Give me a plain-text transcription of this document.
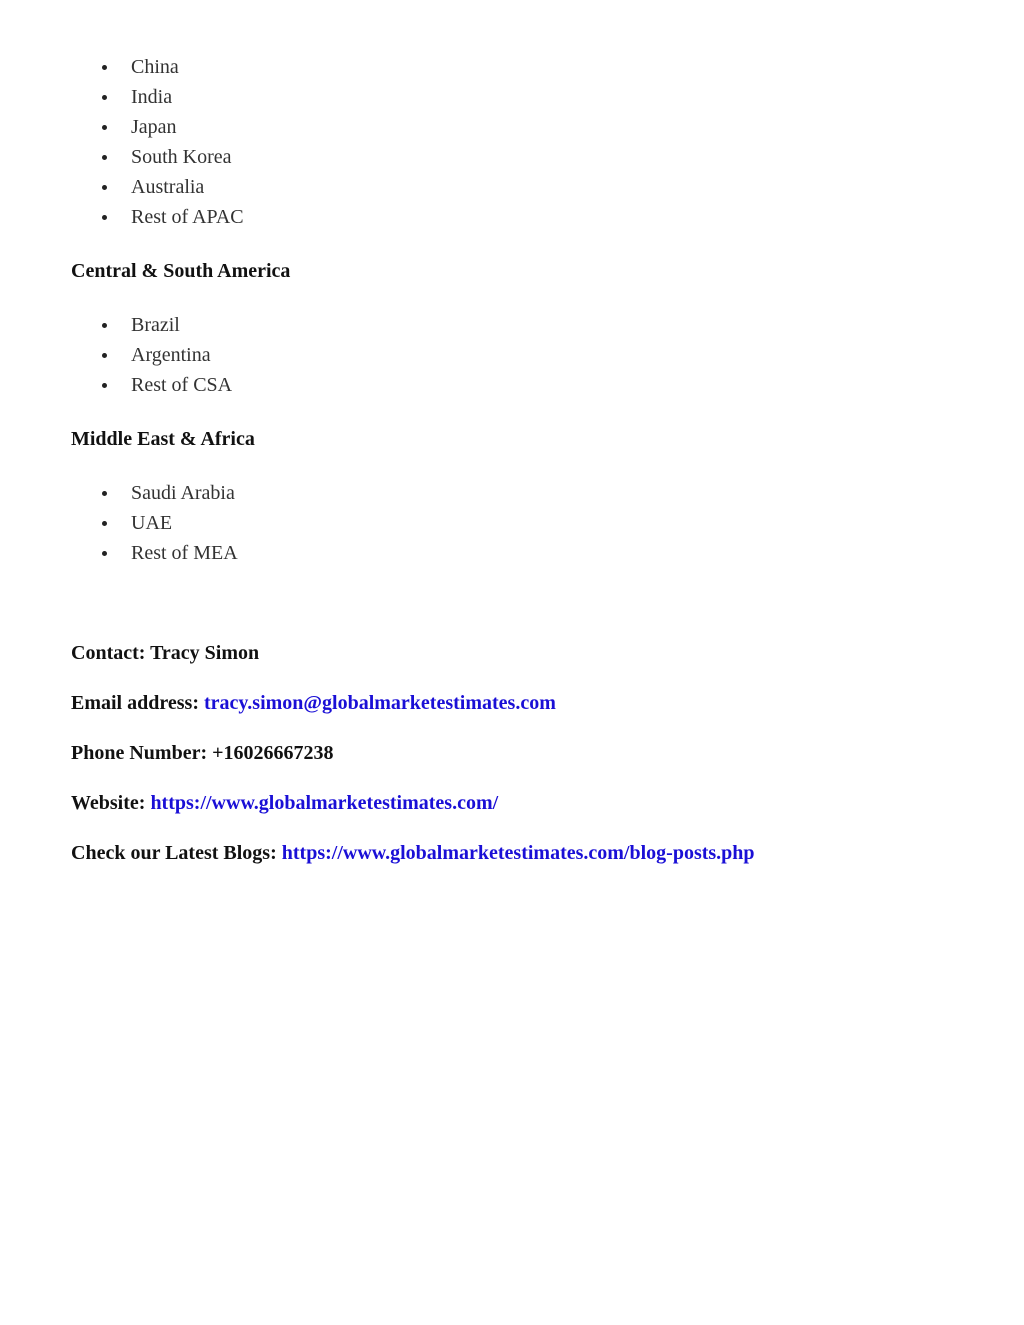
China
India
Japan
South Korea
Australia
Rest of APAC
Central & South America
Brazil
Argentina
Rest of CSA
Middle East & Africa
Saudi Arabia
UAE
Rest of MEA
Contact: Tracy Simon
Email address: tracy.simon@globalmarketestimates.com
Phone Number: +16026667238
Website: https://www.globalmarketestimates.com/
Check our Latest Blogs: https://www.globalmarketestimates.com/blog-posts.php
